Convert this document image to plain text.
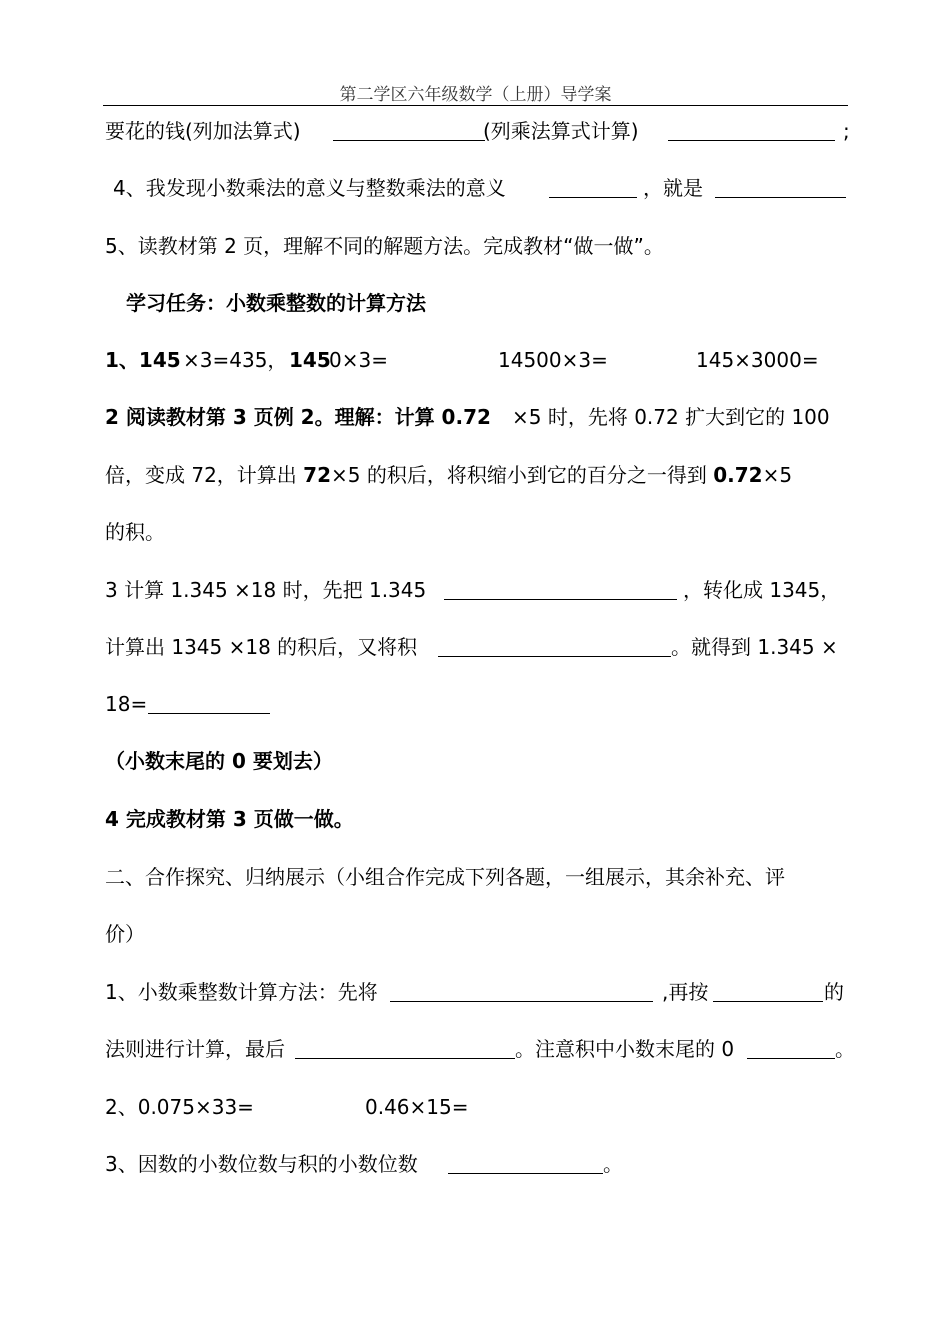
第二学区六年级数学（上册）导学案
要花的钱(列加法算式)	(列乘法算式计算)	;
4、我发现小数乘法的意义与整数乘法的意义	，就是
5、读教材第 2 页，理解不同的解题方法。完成教材“做一做”。
学习任务：小数乘整数的计算方法
1、145 ×3=435， 145
0×3=	14500×3=	145×3000=
2 阅读教材第 3 页例 2。理解：计算 0.72 ×5 时，先将 0.72 扩大到它的 100
倍，变成 72，计算出 72×5 的积后，将积缩小到它的百分之一得到 0.72×5
的积。
3 计算 1.345 ×18 时，先把 1.345	，转化成 1345，
计算出 1345 ×18 的积后，又将积	。就得到 1.345 ×
18=
（小数末尾的 0 要划去）
4 完成教材第 3 页做一做。
二、合作探究、归纳展示（小组合作完成下列各题，一组展示，其余补充、评
价）
1、小数乘整数计算方法：先将	,再按	的
法则进行计算，最后	。注意积中小数末尾的 0	。
2、0.075×33=	0.46×15=
3、因数的小数位数与积的小数位数	。
